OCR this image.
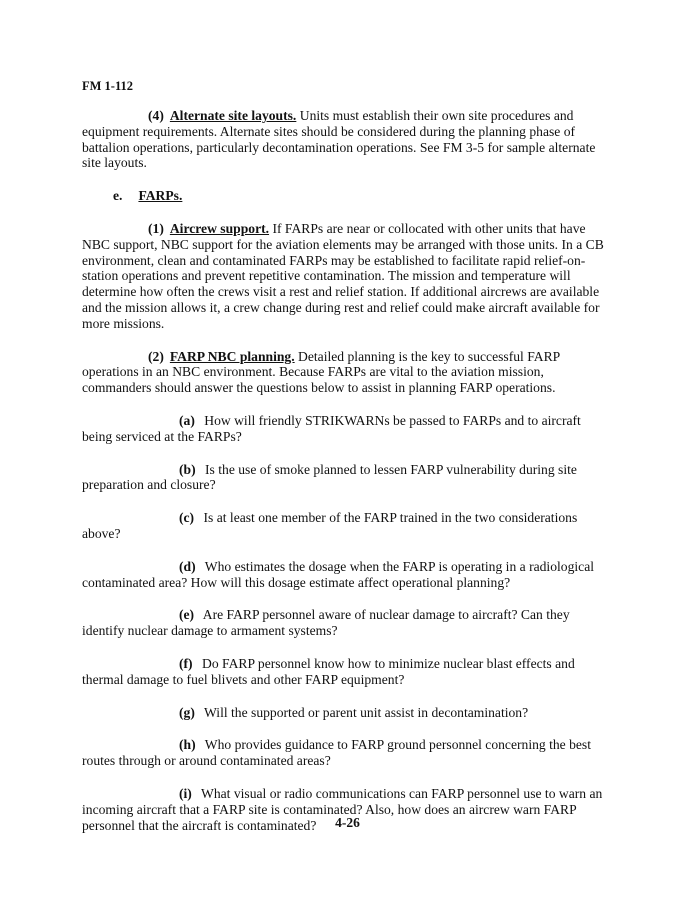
FM 1-112

(4) Alternate site layouts. Units must establish their own site procedures and equipment requirements. Alternate sites should be considered during the planning phase of battalion operations, particularly decontamination operations. See FM 3-5 for sample alternate site layouts.

e. FARPs.

(1) Aircrew support. If FARPs are near or collocated with other units that have NBC support, NBC support for the aviation elements may be arranged with those units. In a CB environment, clean and contaminated FARPs may be established to facilitate rapid relief-on-station operations and prevent repetitive contamination. The mission and temperature will determine how often the crews visit a rest and relief station. If additional aircrews are available and the mission allows it, a crew change during rest and relief could make aircraft available for more missions.

(2) FARP NBC planning. Detailed planning is the key to successful FARP operations in an NBC environment. Because FARPs are vital to the aviation mission, commanders should answer the questions below to assist in planning FARP operations.

(a) How will friendly STRIKWARNs be passed to FARPs and to aircraft being serviced at the FARPs?

(b) Is the use of smoke planned to lessen FARP vulnerability during site preparation and closure?

(c) Is at least one member of the FARP trained in the two considerations above?

(d) Who estimates the dosage when the FARP is operating in a radiological contaminated area? How will this dosage estimate affect operational planning?

(e) Are FARP personnel aware of nuclear damage to aircraft? Can they identify nuclear damage to armament systems?

(f) Do FARP personnel know how to minimize nuclear blast effects and thermal damage to fuel blivets and other FARP equipment?

(g) Will the supported or parent unit assist in decontamination?

(h) Who provides guidance to FARP ground personnel concerning the best routes through or around contaminated areas?

(i) What visual or radio communications can FARP personnel use to warn an incoming aircraft that a FARP site is contaminated? Also, how does an aircrew warn FARP personnel that the aircraft is contaminated?	4-26
